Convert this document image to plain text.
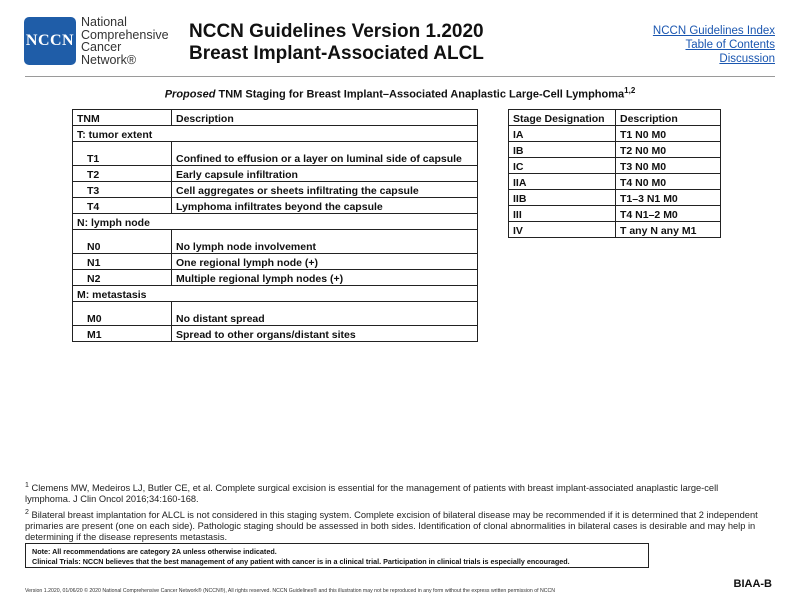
NCCN
National
Comprehensive
Cancer
Network®
NCCN Guidelines Version 1.2020
Breast Implant-Associated ALCL
NCCN Guidelines Index
Table of Contents
Discussion
Proposed TNM Staging for Breast Implant–Associated Anaplastic Large-Cell Lymphoma$^{1,2}$
TNM	Description
T: tumor extent	
T1	Confined to effusion or a layer on luminal side of capsule
T2	Early capsule infiltration
T3	Cell aggregates or sheets infiltrating the capsule
T4	Lymphoma infiltrates beyond the capsule
N: lymph node	
N0	No lymph node involvement
N1	One regional lymph node (+)
N2	Multiple regional lymph nodes (+)
M: metastasis	
M0	No distant spread
M1	Spread to other organs/distant sites
Stage Designation	Description
IA	T1 N0 M0
IB	T2 N0 M0
IC	T3 N0 M0
IIA	T4 N0 M0
IIB	T1–3 N1 M0
III	T4 N1–2 M0
IV	T any N any M1

$^1$ Clemens MW, Medeiros LJ, Butler CE, et al. Complete surgical excision is essential for the management of patients with breast implant-associated anaplastic large-cell lymphoma. J Clin Oncol 2016;34:160-168.

$^2$ Bilateral breast implantation for ALCL is not considered in this staging system. Complete excision of bilateral disease may be recommended if it is determined that 2 independent primaries are present (one on each side). Pathologic staging should be assessed in both sides. Identification of clonal abnormalities in bilateral cases is desirable and may help in determining if the disease represents metastasis.

Note: All recommendations are category 2A unless otherwise indicated.
Clinical Trials: NCCN believes that the best management of any patient with cancer is in a clinical trial. Participation in clinical trials is especially encouraged.
Version 1.2020, 01/06/20 © 2020 National Comprehensive Cancer Network® (NCCN®), All rights reserved. NCCN Guidelines® and this illustration may not be reproduced in any form without the express written permission of NCCN
BIAA-B
